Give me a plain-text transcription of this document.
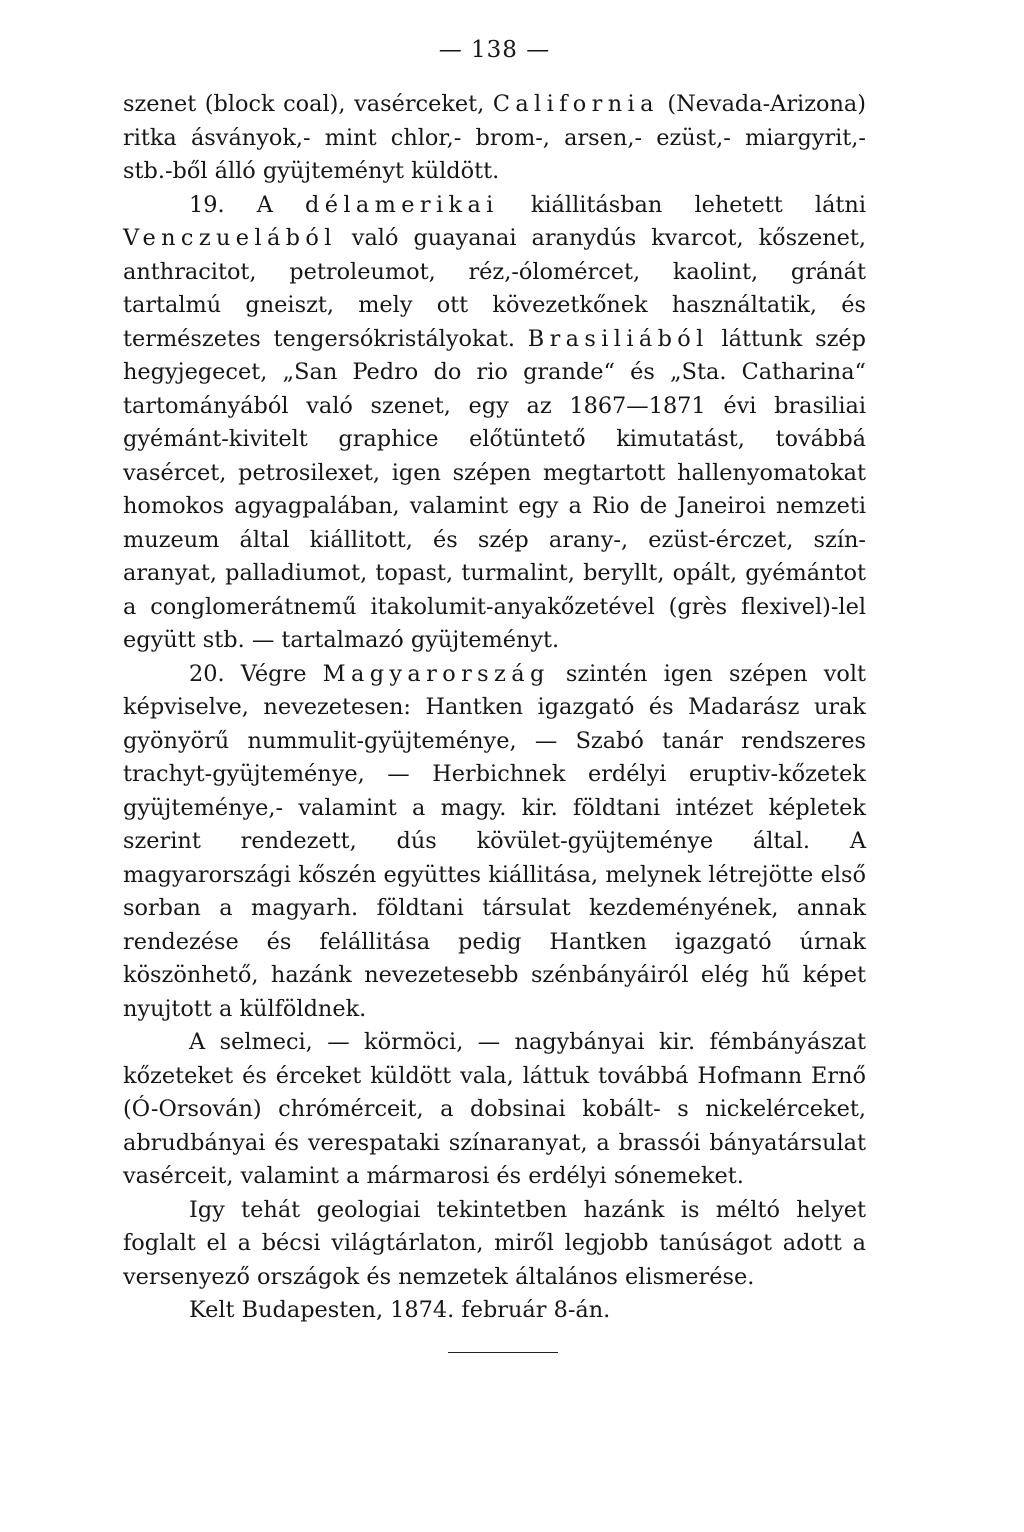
— 138 —

szenet (block coal), vasérceket, California (Nevada-Arizona) ritka ásványok,- mint chlor,- brom-, arsen,- ezüst,- miargyrit,- stb.-ből álló gyüjteményt küldött.

19. A délamerikai kiállitásban lehetett látni Venczuelából való guayanai aranydús kvarcot, kőszenet, anthracitot, petroleumot, réz,-ólomércet, kaolint, gránát tartalmú gneiszt, mely ott kövezetkőnek használtatik, és természetes tengersókristályokat. Brasiliából láttunk szép hegyjegecet, „San Pedro do rio grande“ és „Sta. Catharina“ tartományából való szenet, egy az 1867—1871 évi brasiliai gyémánt-kivitelt graphice előtüntető kimutatást, továbbá vasércet, petrosilexet, igen szépen megtartott hallenyomatokat homokos agyagpalában, valamint egy a Rio de Janeiroi nemzeti muzeum által kiállitott, és szép arany-, ezüst-érczet, szín-aranyat, palladiumot, topast, turmalint, beryllt, opált, gyémántot a conglomerátnemű itakolumit-anyakőzetével (grès flexivel)-lel együtt stb. — tartalmazó gyüjteményt.

20. Végre Magyarország szintén igen szépen volt képviselve, nevezetesen: Hantken igazgató és Madarász urak gyönyörű nummulit-gyüjteménye, — Szabó tanár rendszeres trachyt-gyüjteménye, — Herbichnek erdélyi eruptiv-kőzetek gyüjteménye,- valamint a magy. kir. földtani intézet képletek szerint rendezett, dús kövület-gyüjteménye által. A magyarországi kőszén együttes kiállitása, melynek létrejötte első sorban a magyarh. földtani társulat kezdeményének, annak rendezése és felállitása pedig Hantken igazgató úrnak köszönhető, hazánk nevezetesebb szénbányáiról elég hű képet nyujtott a külföldnek.

A selmeci, — körmöci, — nagybányai kir. fémbányászat kőzeteket és érceket küldött vala, láttuk továbbá Hofmann Ernő (Ó-Orsován) chrómérceit, a dobsinai kobált- s nickelérceket, abrudbányai és verespataki színaranyat, a brassói bányatársulat vasérceit, valamint a mármarosi és erdélyi sónemeket.

Igy tehát geologiai tekintetben hazánk is méltó helyet foglalt el a bécsi világtárlaton, miről legjobb tanúságot adott a versenyező országok és nemzetek általános elismerése.

Kelt Budapesten, 1874. február 8-án.
